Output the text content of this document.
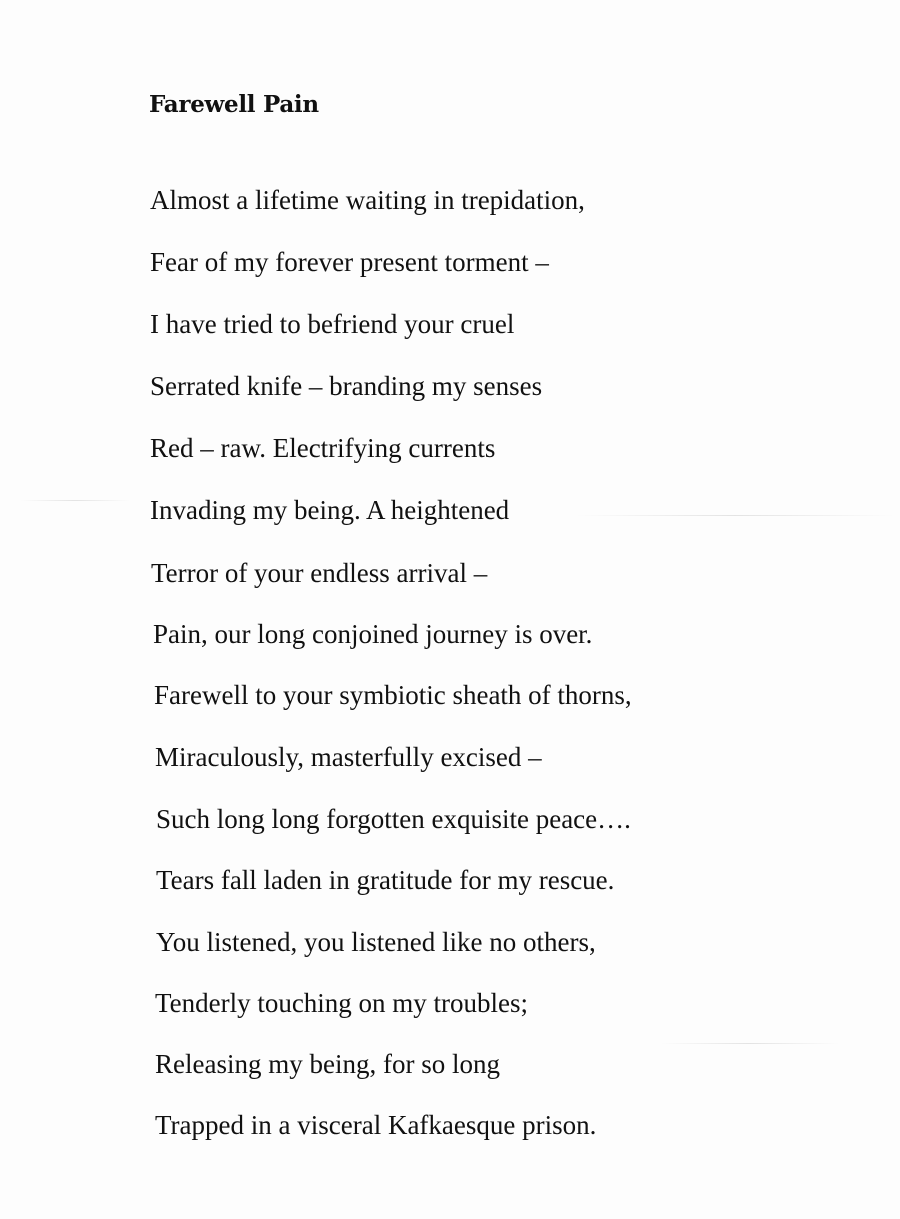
Farewell Pain
Almost a lifetime waiting in trepidation,
Fear of my forever present torment –
I have tried to befriend your cruel
Serrated knife – branding my senses
Red – raw. Electrifying currents
Invading my being. A heightened
Terror of your endless arrival –
Pain, our long conjoined journey is over.
Farewell to your symbiotic sheath of thorns,
Miraculously, masterfully excised –
Such long long forgotten exquisite peace….
Tears fall laden in gratitude for my rescue.
You listened, you listened like no others,
Tenderly touching on my troubles;
Releasing my being, for so long
Trapped in a visceral Kafkaesque prison.
